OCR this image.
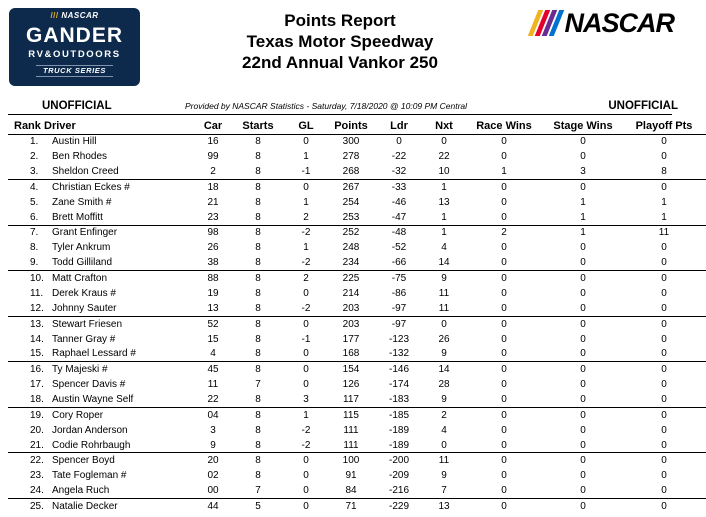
/// NASCAR
GANDER
RV&OUTDOORS
TRUCK SERIES
Points Report
Texas Motor Speedway
22nd Annual Vankor 250
NASCAR
UNOFFICIAL	Provided by NASCAR Statistics - Saturday, 7/18/2020 @ 10:09 PM Central	UNOFFICIAL
Rank	Driver	Car	Starts	GL	Points	Ldr	Nxt	Race Wins	Stage Wins	Playoff Pts
1.	Austin Hill	16	8	0	300	0	0	0	0	0
2.	Ben Rhodes	99	8	1	278	-22	22	0	0	0
3.	Sheldon Creed	2	8	-1	268	-32	10	1	3	8
4.	Christian Eckes #	18	8	0	267	-33	1	0	0	0
5.	Zane Smith #	21	8	1	254	-46	13	0	1	1
6.	Brett Moffitt	23	8	2	253	-47	1	0	1	1
7.	Grant Enfinger	98	8	-2	252	-48	1	2	1	11
8.	Tyler Ankrum	26	8	1	248	-52	4	0	0	0
9.	Todd Gilliland	38	8	-2	234	-66	14	0	0	0
10.	Matt Crafton	88	8	2	225	-75	9	0	0	0
11.	Derek Kraus #	19	8	0	214	-86	11	0	0	0
12.	Johnny Sauter	13	8	-2	203	-97	11	0	0	0
13.	Stewart Friesen	52	8	0	203	-97	0	0	0	0
14.	Tanner Gray #	15	8	-1	177	-123	26	0	0	0
15.	Raphael Lessard #	4	8	0	168	-132	9	0	0	0
16.	Ty Majeski #	45	8	0	154	-146	14	0	0	0
17.	Spencer Davis #	11	7	0	126	-174	28	0	0	0
18.	Austin Wayne Self	22	8	3	117	-183	9	0	0	0
19.	Cory Roper	04	8	1	115	-185	2	0	0	0
20.	Jordan Anderson	3	8	-2	111	-189	4	0	0	0
21.	Codie Rohrbaugh	9	8	-2	111	-189	0	0	0	0
22.	Spencer Boyd	20	8	0	100	-200	11	0	0	0
23.	Tate Fogleman #	02	8	0	91	-209	9	0	0	0
24.	Angela Ruch	00	7	0	84	-216	7	0	0	0
25.	Natalie Decker	44	5	0	71	-229	13	0	0	0
